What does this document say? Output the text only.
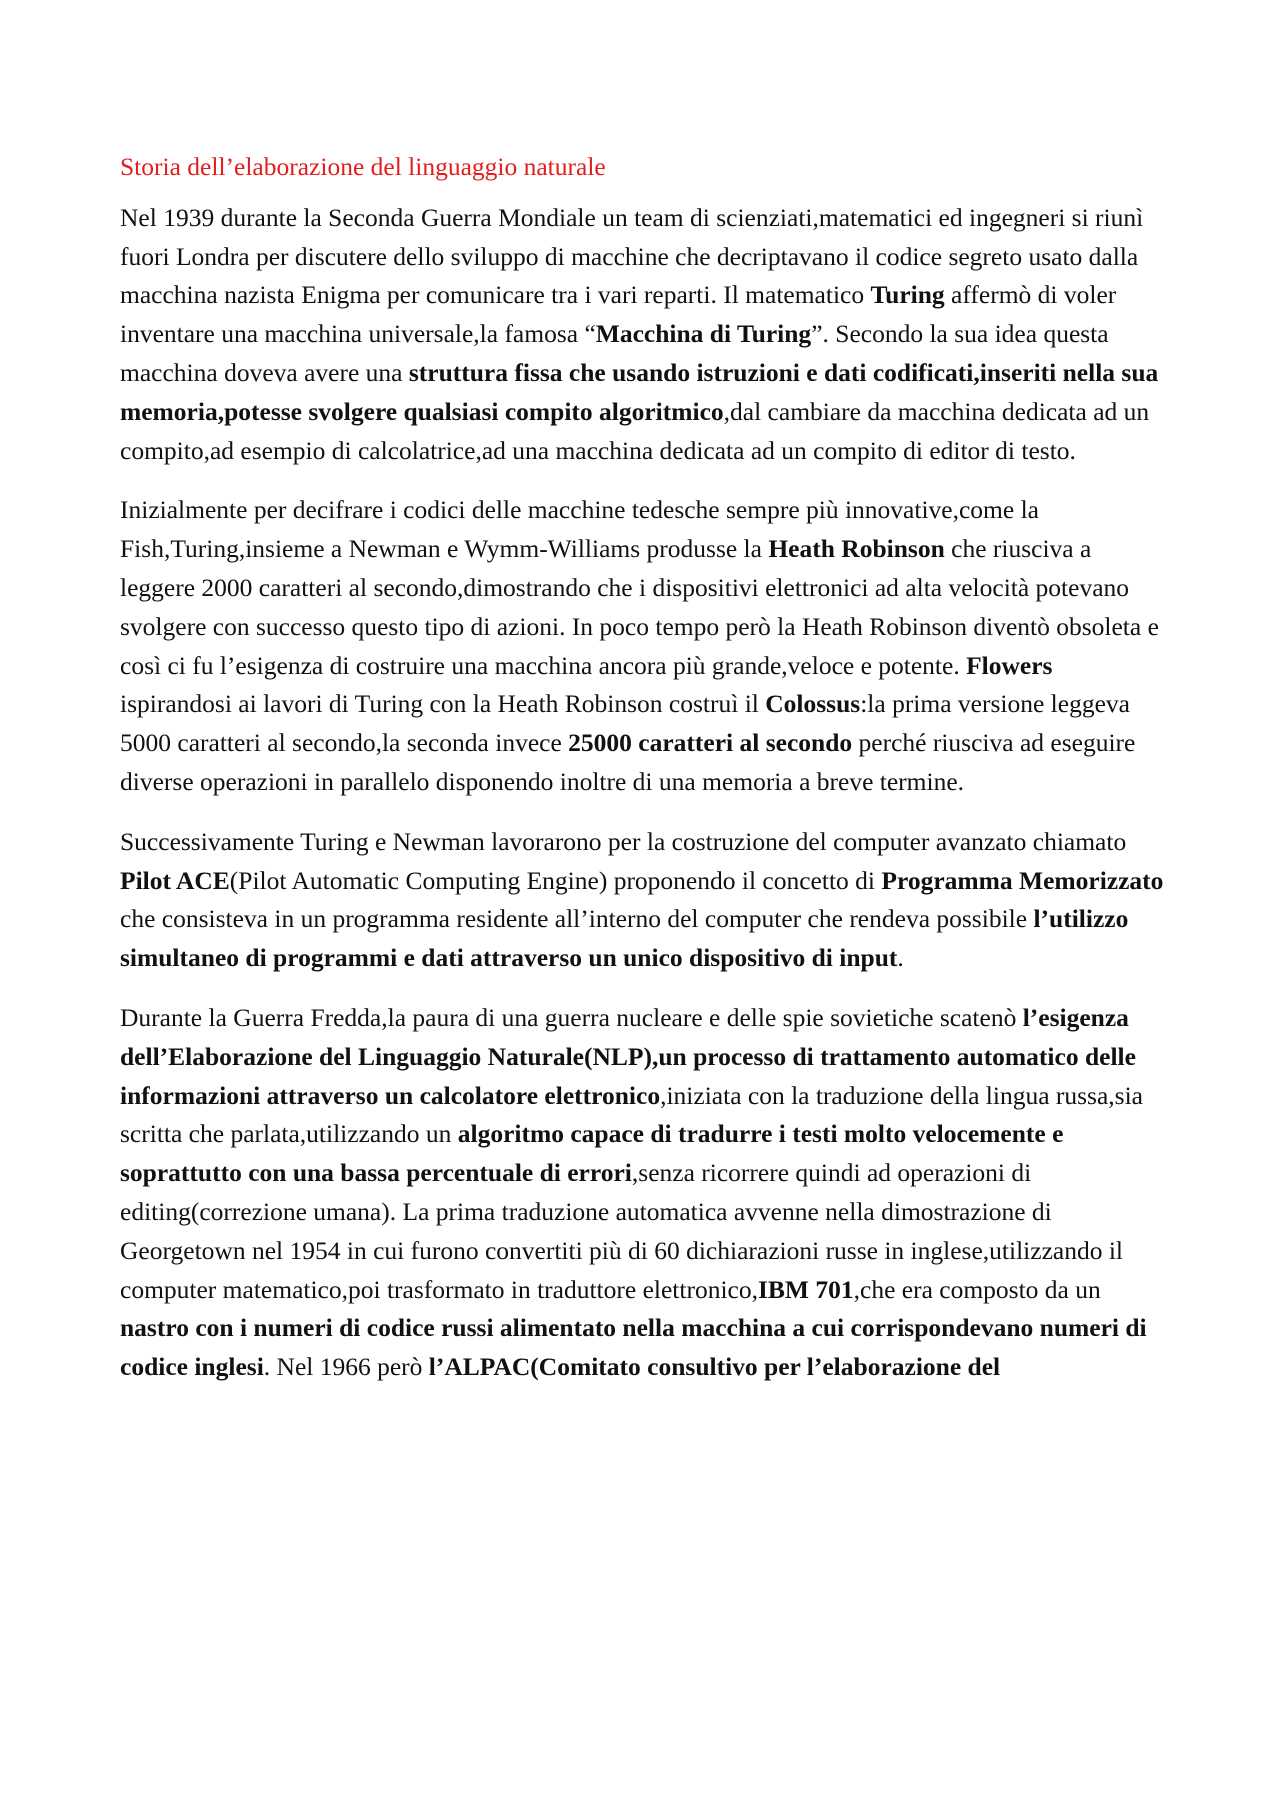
Storia dell’elaborazione del linguaggio naturale

Nel 1939 durante la Seconda Guerra Mondiale un team di scienziati,matematici ed ingegneri si riunì fuori Londra per discutere dello sviluppo di macchine che decriptavano il codice segreto usato dalla macchina nazista Enigma per comunicare tra i vari reparti. Il matematico Turing affermò di voler inventare una macchina universale,la famosa “Macchina di Turing”. Secondo la sua idea questa macchina doveva avere una struttura fissa che usando istruzioni e dati codificati,inseriti nella sua memoria,potesse svolgere qualsiasi compito algoritmico,dal cambiare da macchina dedicata ad un compito,ad esempio di calcolatrice,ad una macchina dedicata ad un compito di editor di testo.

Inizialmente per decifrare i codici delle macchine tedesche sempre più innovative,come la Fish,Turing,insieme a Newman e Wymm-Williams produsse la Heath Robinson che riusciva a leggere 2000 caratteri al secondo,dimostrando che i dispositivi elettronici ad alta velocità potevano svolgere con successo questo tipo di azioni. In poco tempo però la Heath Robinson diventò obsoleta e così ci fu l’esigenza di costruire una macchina ancora più grande,veloce e potente. Flowers ispirandosi ai lavori di Turing con la Heath Robinson costruì il Colossus:la prima versione leggeva 5000 caratteri al secondo,la seconda invece 25000 caratteri al secondo perché riusciva ad eseguire diverse operazioni in parallelo disponendo inoltre di una memoria a breve termine.

Successivamente Turing e Newman lavorarono per la costruzione del computer avanzato chiamato Pilot ACE(Pilot Automatic Computing Engine) proponendo il concetto di Programma Memorizzato che consisteva in un programma residente all’interno del computer che rendeva possibile l’utilizzo simultaneo di programmi e dati attraverso un unico dispositivo di input.

Durante la Guerra Fredda,la paura di una guerra nucleare e delle spie sovietiche scatenò l’esigenza dell’Elaborazione del Linguaggio Naturale(NLP),un processo di trattamento automatico delle informazioni attraverso un calcolatore elettronico,iniziata con la traduzione della lingua russa,sia scritta che parlata,utilizzando un algoritmo capace di tradurre i testi molto velocemente e soprattutto con una bassa percentuale di errori,senza ricorrere quindi ad operazioni di editing(correzione umana). La prima traduzione automatica avvenne nella dimostrazione di Georgetown nel 1954 in cui furono convertiti più di 60 dichiarazioni russe in inglese,utilizzando il computer matematico,poi trasformato in traduttore elettronico,IBM 701,che era composto da un nastro con i numeri di codice russi alimentato nella macchina a cui corrispondevano numeri di codice inglesi. Nel 1966 però l’ALPAC(Comitato consultivo per l’elaborazione del
